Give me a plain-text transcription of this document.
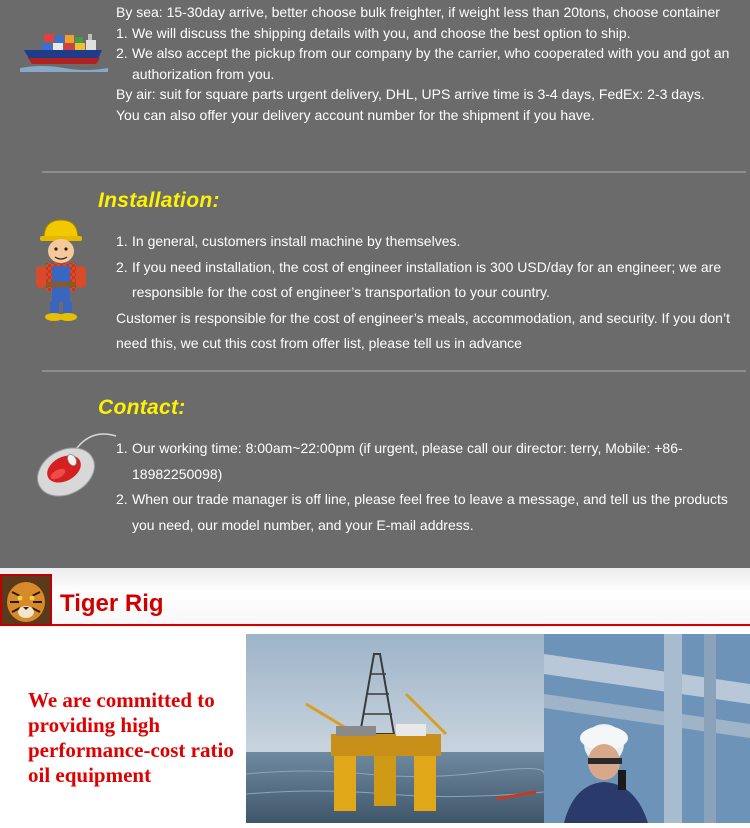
By sea: 15-30day arrive, better choose bulk freighter, if weight less than 20tons, choose container

1. We will discuss the shipping details with you, and choose the best option to ship.
2. We also accept the pickup from our company by the carrier, who cooperated with you and got an authorization from you.

By air: suit for square parts urgent delivery, DHL, UPS arrive time is 3-4 days, FedEx: 2-3 days.

You can also offer your delivery account number for the shipment if you have.

Installation:
1. In general, customers install machine by themselves.
2. If you need installation, the cost of engineer installation is 300 USD/day for an engineer; we are responsible for the cost of engineer’s transportation to your country.

Customer is responsible for the cost of engineer’s meals, accommodation, and security. If you don’t need this, we cut this cost from offer list, please tell us in advance

Contact:
1. Our working time: 8:00am~22:00pm (if urgent, please call our director: terry, Mobile: +86-18982250098)
2. When our trade manager is off line, please feel free to leave a message, and tell us the products you need, our model number, and your E-mail address.
Tiger Rig
We are committed to providing high performance-cost ratio oil equipment
